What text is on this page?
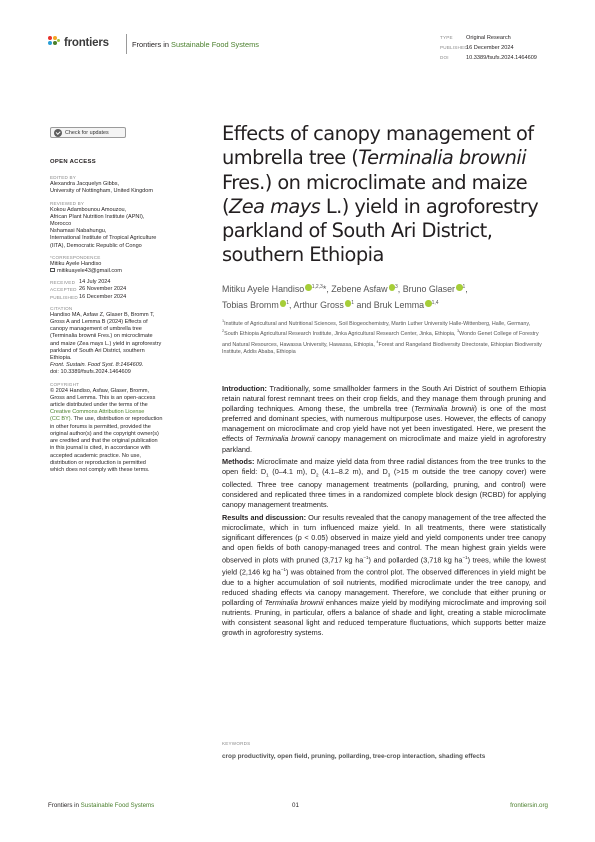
frontiers	Frontiers in Sustainable Food Systems
TYPE Original Research
PUBLISHED16 December 2024
DOI	10.3389/fsufs.2024.1464609
Check for updates
OPEN ACCESS
EDITED BY
Alexandra Jacquelyn Gibbs,
University of Nottingham, United Kingdom
REVIEWED BY
Kokou Adambounou Amouzou,
African Plant Nutrition Institute (APNI),
Morocco
Nshamasi Nabahungu,
International Institute of Tropical Agriculture
(IITA), Democratic Republic of Congo
*CORRESPONDENCE
Mitiku Ayele Handiso
mitikuayele43@gmail.com
RECEIVED 14 July 2024
ACCEPTED 26 November 2024
PUBLISHED 16 December 2024
CITATION
Handiso MA, Asfaw Z, Glaser B, Bromm T,
Gross A and Lemma B (2024) Effects of
canopy management of umbrella tree
(Terminalia brownii Fres.) on microclimate
and maize (Zea mays L.) yield in agroforestry
parkland of South Ari District, southern
Ethiopia.
Front. Sustain. Food Syst. 8:1464609.
doi: 10.3389/fsufs.2024.1464609
COPYRIGHT
© 2024 Handiso, Asfaw, Glaser, Bromm,
Gross and Lemma. This is an open-access
article distributed under the terms of the
Creative Commons Attribution License
(CC BY). The use, distribution or reproduction
in other forums is permitted, provided the
original author(s) and the copyright owner(s)
are credited and that the original publication
in this journal is cited, in accordance with
accepted academic practice. No use,
distribution or reproduction is permitted
which does not comply with these terms.
Effects of canopy management of umbrella tree (Terminalia brownii Fres.) on microclimate and maize (Zea mays L.) yield in agroforestry parkland of South Ari District, southern Ethiopia
Mitiku Ayele Handiso $^{1,2,3}$*, Zebene Asfaw $^3$, Bruno Glaser $^1$,
Tobias Bromm $^1$, Arthur Gross $^1$ and Bruk Lemma $^{1,4}$
$^1$Institute of Agricultural and Nutritional Sciences, Soil Biogeochemistry, Martin Luther University Halle-Wittenberg, Halle, Germany, $^2$South Ethiopia Agricultural Research Institute, Jinka Agricultural Research Center, Jinka, Ethiopia, $^3$Wondo Genet College of Forestry and Natural Resources, Hawassa University, Hawassa, Ethiopia, $^4$Forest and Rangeland Biodiversity Directorate, Ethiopian Biodiversity Institute, Addis Ababa, Ethiopia

Introduction: Traditionally, some smallholder farmers in the South Ari District of southern Ethiopia retain natural forest remnant trees on their crop fields, and they manage them through pruning and pollarding techniques. Among these, the umbrella tree (Terminalia brownii) is one of the most preferred and dominant species, with numerous multipurpose uses. However, the effects of canopy management on microclimate and crop yield have not yet been investigated. Here, we present the effects of Terminalia brownii canopy management on microclimate and maize yield in agroforestry parkland.

Methods: Microclimate and maize yield data from three radial distances from the tree trunks to the open field: $D_1$ (0–4.1 m), $D_2$ (4.1–8.2 m), and $D_3$ (>15 m outside the tree canopy cover) were collected. Three tree canopy management treatments (pollarding, pruning, and control) were considered and replicated three times in a randomized complete block design (RCBD) for applying canopy management treatments.

Results and discussion: Our results revealed that the canopy management of the tree affected the microclimate, which in turn influenced maize yield. In all treatments, there were statistically significant differences (p < 0.05) observed in maize yield and yield components under tree canopy and open fields of both canopy-managed trees and control. The mean highest grain yields were observed in plots with pruned (3,717 kg $ha^{-1}$) and pollarded (3,718 kg $ha^{-1}$) trees, while the lowest yield (2,146 kg $ha^{-1}$) was obtained from the control plot. The observed differences in yield might be due to a higher accumulation of soil nutrients, modified microclimate under the tree canopy, and reduced shading effects via canopy management. Therefore, we conclude that either pruning or pollarding of Terminalia brownii enhances maize yield by modifying microclimate and improving soil nutrients. Pruning, in particular, offers a balance of shade and light, creating a stable microclimate with consistent seasonal light and reduced temperature fluctuations, which supports better maize growth in agroforestry systems.

KEYWORDS
crop productivity, open field, pruning, pollarding, tree-crop interaction, shading effects
Frontiers in Sustainable Food Systems	01	frontiersin.org
